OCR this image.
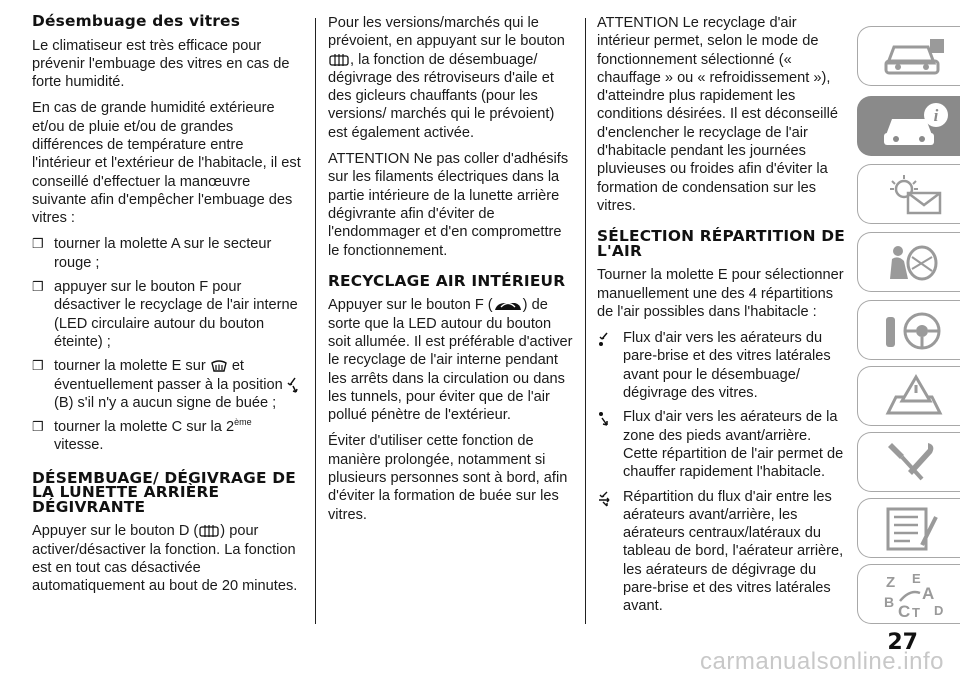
Désembuage des vitres

Le climatiseur est très efficace pour prévenir l'embuage des vitres en cas de forte humidité.

En cas de grande humidité extérieure et/ou de pluie et/ou de grandes différences de température entre l'intérieur et l'extérieur de l'habitacle, il est conseillé d'effectuer la manœuvre suivante afin d'empêcher l'embuage des vitres :

❒ tourner la molette A sur le secteur rouge ;
❒ appuyer sur le bouton F pour désactiver le recyclage de l'air interne (LED circulaire autour du bouton éteinte) ;
❒ tourner la molette E sur et éventuellement passer à la position  (B) s'il n'y a aucun signe de buée ;
❒ tourner la molette C sur la 2ème
vitesse.
DÉSEMBUAGE/ DÉGIVRAGE DE LA LUNETTE ARRIÈRE DÉGIVRANTE

Appuyer sur le bouton D ( ) pour activer/désactiver la fonction. La fonction est en tout cas désactivée automatiquement au bout de 20 minutes.

Pour les versions/marchés qui le prévoient, en appuyant sur le bouton
, la fonction de désembuage/ dégivrage des rétroviseurs d'aile et des gicleurs chauffants (pour les versions/ marchés qui le prévoient) est également activée.

ATTENTION Ne pas coller d'adhésifs sur les filaments électriques dans la partie intérieure de la lunette arrière dégivrante afin d'éviter de l'endommager et d'en compromettre le fonctionnement.

RECYCLAGE AIR INTÉRIEUR

Appuyer sur le bouton F ( ) de sorte que la LED autour du bouton soit allumée. Il est préférable d'activer le recyclage de l'air interne pendant les arrêts dans la circulation ou dans les tunnels, pour éviter que de l'air pollué pénètre de l'extérieur.

Éviter d'utiliser cette fonction de manière prolongée, notamment si plusieurs personnes sont à bord, afin d'éviter la formation de buée sur les vitres.

ATTENTION Le recyclage d'air intérieur permet, selon le mode de fonctionnement sélectionné (« chauffage » ou « refroidissement »), d'atteindre plus rapidement les conditions désirées. Il est déconseillé d'enclencher le recyclage de l'air d'habitacle pendant les journées pluvieuses ou froides afin d'éviter la formation de condensation sur les vitres.

SÉLECTION RÉPARTITION DE L'AIR

Tourner la molette E pour sélectionner manuellement une des 4 répartitions de l'air possibles dans l'habitacle :

Flux d'air vers les aérateurs du pare-brise et des vitres latérales avant pour le désembuage/ dégivrage des vitres.
Flux d'air vers les aérateurs de la zone des pieds avant/arrière. Cette répartition de l'air permet de chauffer rapidement l'habitacle.
Répartition du flux d'air entre les aérateurs avant/arrière, les aérateurs centraux/latéraux du tableau de bord, l'aérateur arrière, les aérateurs de dégivrage du pare-brise et des vitres latérales avant.
i
Z E
A
B C T D
27
carmanualsonline.info
